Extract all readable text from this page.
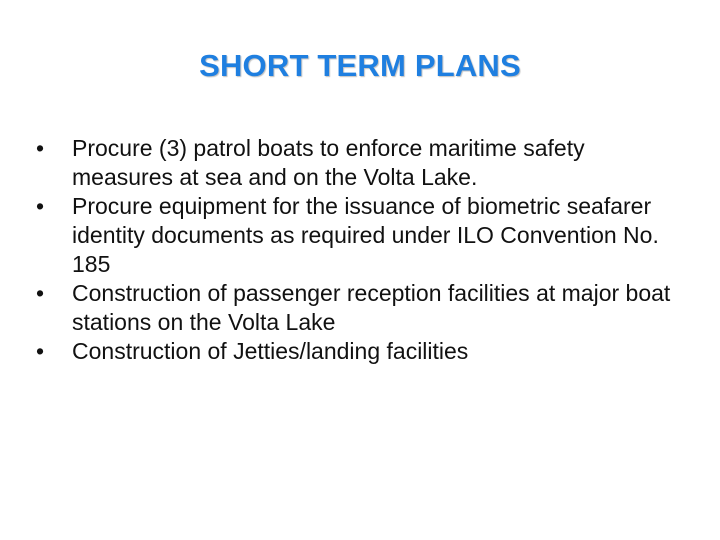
SHORT TERM PLANS
• Procure (3) patrol boats to enforce maritime safety measures at sea and on the Volta Lake.
• Procure equipment for the issuance of biometric seafarer identity documents as required under ILO Convention No. 185
• Construction of passenger reception facilities at major boat stations on the Volta Lake
• Construction of Jetties/landing facilities
